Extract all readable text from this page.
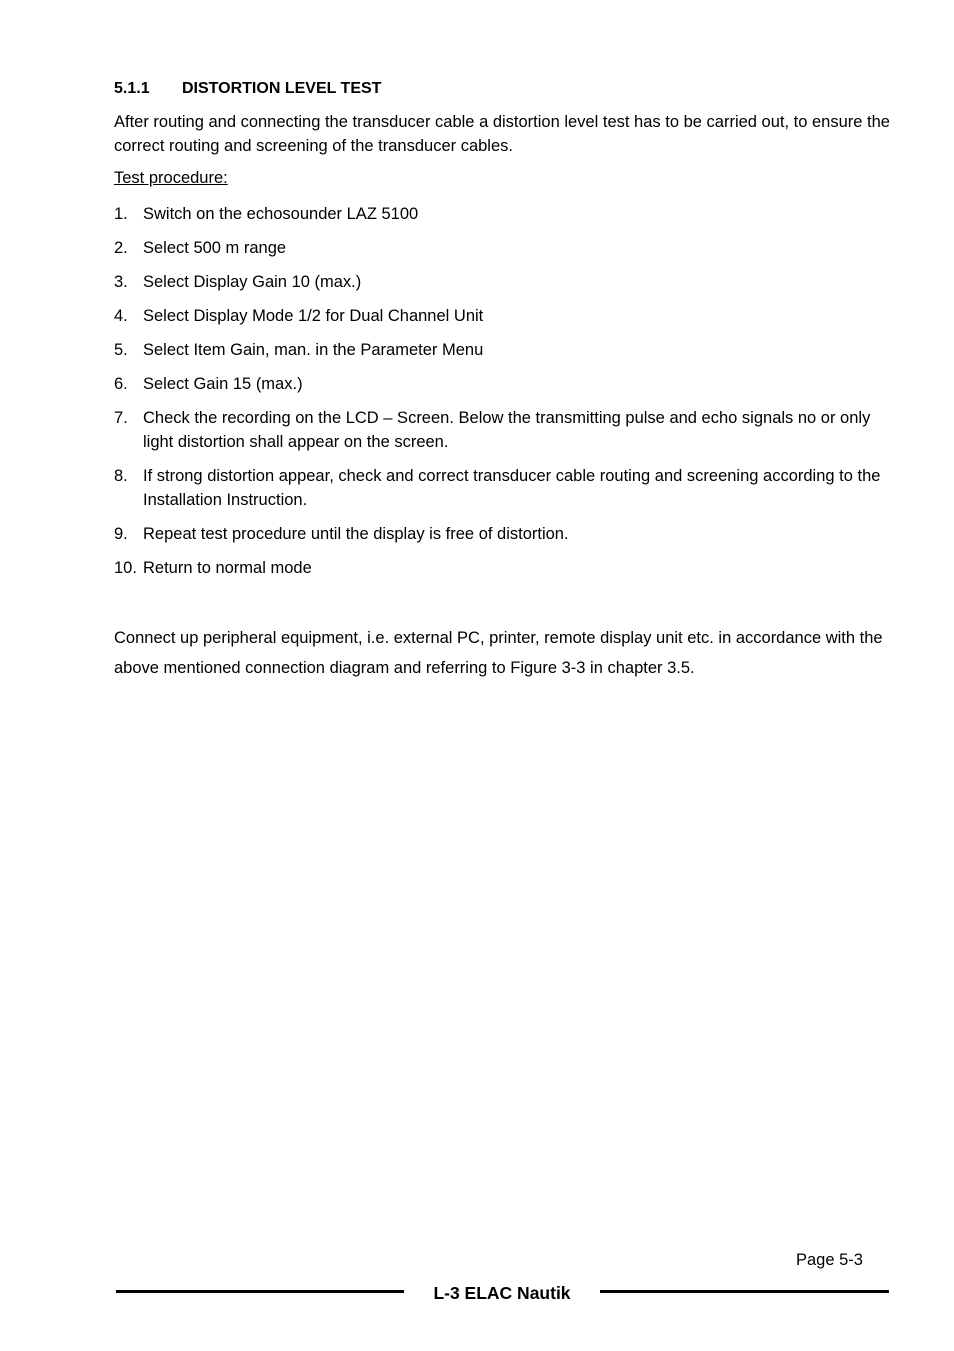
5.1.1 DISTORTION LEVEL TEST

After routing and connecting the transducer cable a distortion level test has to be carried out, to ensure the correct routing and screening of the transducer cables.

Test procedure:
1. Switch on the echosounder LAZ 5100
2. Select 500 m range
3. Select Display Gain 10 (max.)
4. Select Display Mode 1/2 for Dual Channel Unit
5. Select Item Gain, man. in the Parameter Menu
6. Select Gain 15 (max.)
7. Check the recording on the LCD – Screen. Below the transmitting pulse and echo signals no or only light distortion shall appear on the screen.
8. If strong distortion appear, check and correct transducer cable routing and screening according to the Installation Instruction.
9. Repeat test procedure until the display is free of distortion.
10. Return to normal mode

Connect up peripheral equipment, i.e. external PC, printer, remote display unit etc. in accordance with the above mentioned connection diagram and referring to Figure 3-3 in chapter 3.5.

Page 5-3
L-3 ELAC Nautik
